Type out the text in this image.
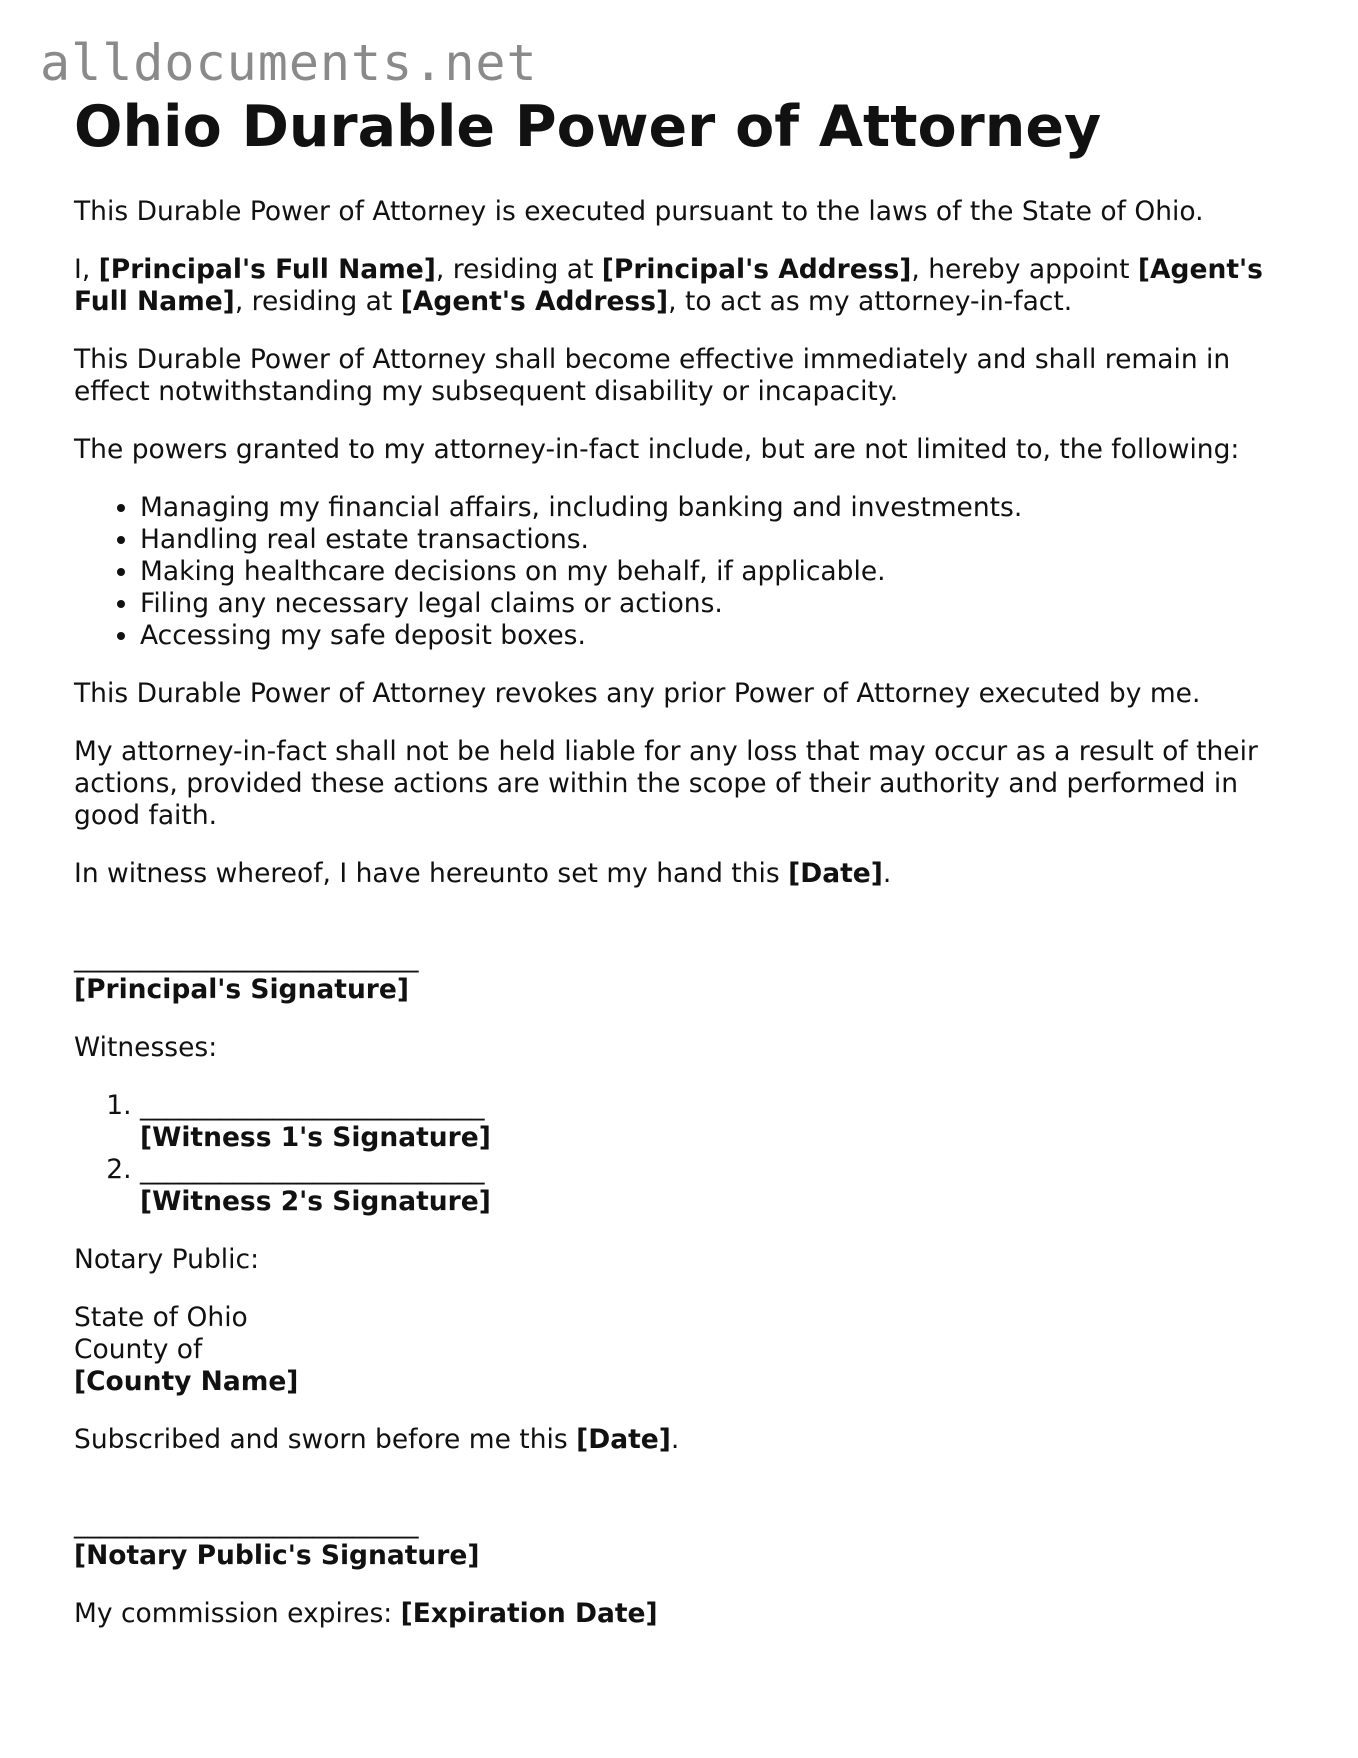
alldocuments.net
Ohio Durable Power of Attorney

This Durable Power of Attorney is executed pursuant to the laws of the State of Ohio.

I, [Principal's Full Name], residing at [Principal's Address], hereby appoint [Agent's Full Name], residing at [Agent's Address], to act as my attorney-in-fact.

This Durable Power of Attorney shall become effective immediately and shall remain in effect notwithstanding my subsequent disability or incapacity.

The powers granted to my attorney-in-fact include, but are not limited to, the following:

• Managing my financial affairs, including banking and investments.
• Handling real estate transactions.
• Making healthcare decisions on my behalf, if applicable.
• Filing any necessary legal claims or actions.
• Accessing my safe deposit boxes.

This Durable Power of Attorney revokes any prior Power of Attorney executed by me.

My attorney-in-fact shall not be held liable for any loss that may occur as a result of their actions, provided these actions are within the scope of their authority and performed in good faith.

In witness whereof, I have hereunto set my hand this [Date].

__________________________
[Principal's Signature]

Witnesses:

1. __________________________
[Witness 1's Signature]
2. __________________________
[Witness 2's Signature]

Notary Public:

State of Ohio
County of
[County Name]

Subscribed and sworn before me this [Date].

__________________________
[Notary Public's Signature]

My commission expires: [Expiration Date]
